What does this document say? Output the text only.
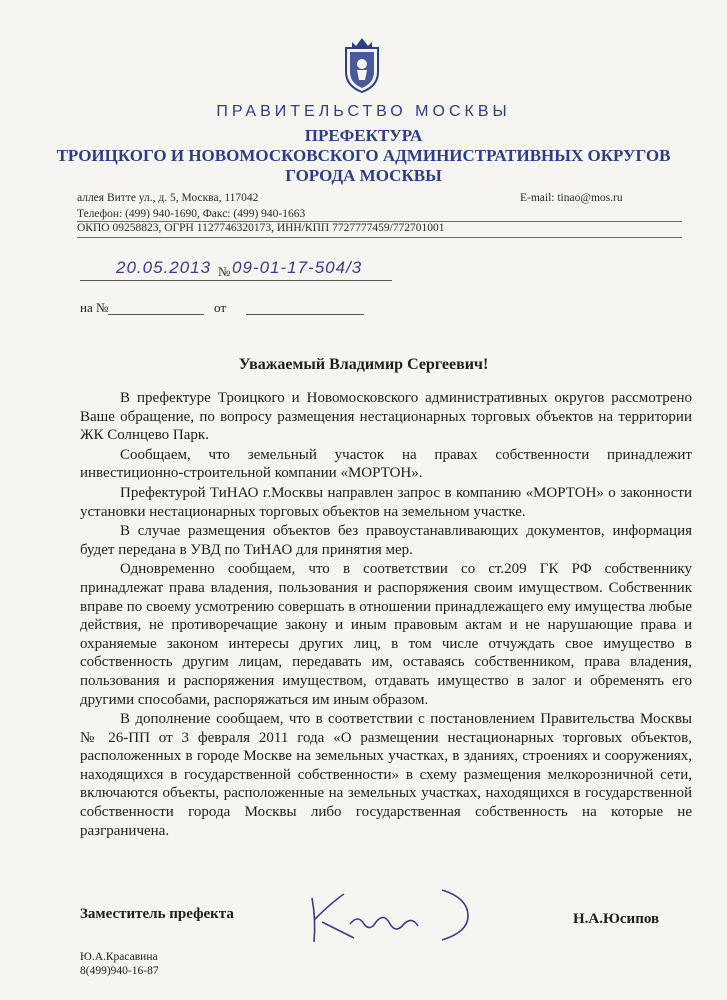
ПРАВИТЕЛЬСТВО МОСКВЫ
ПРЕФЕКТУРА
ТРОИЦКОГО И НОВОМОСКОВСКОГО АДМИНИСТРАТИВНЫХ ОКРУГОВ
ГОРОДА МОСКВЫ
аллея Витте ул., д. 5, Москва, 117042	E-mail: tinao@mos.ru
Телефон: (499) 940-1690, Факс: (499) 940-1663
ОКПО 09258823, ОГРН 1127746320173, ИНН/КПП 7727777459/772701001
20.05.2013 № 09-01-17-504/3
на №	от
Уважаемый Владимир Сергеевич!

В префектуре Троицкого и Новомосковского административных округов рассмотрено Ваше обращение, по вопросу размещения нестационарных торговых объектов на территории ЖК Солнцево Парк.

Сообщаем, что земельный участок на правах собственности принадлежит инвестиционно-строительной компании «МОРТОН».

Префектурой ТиНАО г.Москвы направлен запрос в компанию «МОРТОН» о законности установки нестационарных торговых объектов на земельном участке.

В случае размещения объектов без правоустанавливающих документов, информация будет передана в УВД по ТиНАО для принятия мер.

Одновременно сообщаем, что в соответствии со ст.209 ГК РФ собственнику принадлежат права владения, пользования и распоряжения своим имуществом. Собственник вправе по своему усмотрению совершать в отношении принадлежащего ему имущества любые действия, не противоречащие закону и иным правовым актам и не нарушающие права и охраняемые законом интересы других лиц, в том числе отчуждать свое имущество в собственность другим лицам, передавать им, оставаясь собственником, права владения, пользования и распоряжения имуществом, отдавать имущество в залог и обременять его другими способами, распоряжаться им иным образом.

В дополнение сообщаем, что в соответствии с постановлением Правительства Москвы № 26-ПП от 3 февраля 2011 года «О размещении нестационарных торговых объектов, расположенных в городе Москве на земельных участках, в зданиях, строениях и сооружениях, находящихся в государственной собственности» в схему размещения мелкорозничной сети, включаются объекты, расположенные на земельных участках, находящихся в государственной собственности города Москвы либо государственная собственность на которые не разграничена.

Заместитель префекта	Н.А.Юсипов
Ю.А.Красавина
8(499)940-16-87
